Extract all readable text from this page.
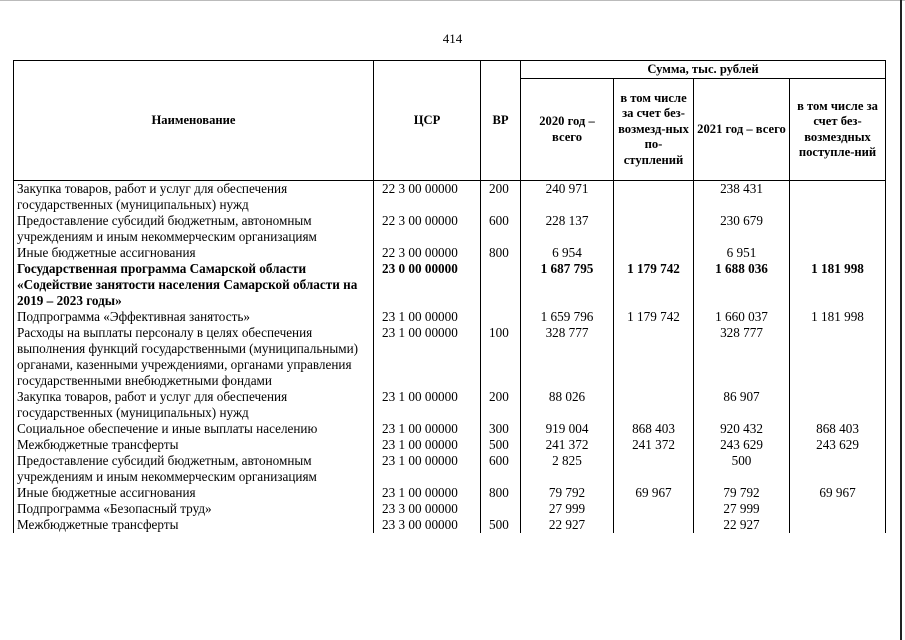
414
Наименование	ЦСР	ВР	Сумма, тыс. рублей			
			2020 год – всего	в том числе за счет без-возмезд-ных по-ступлений	2021 год – всего	в том числе за счет без-возмездных поступле-ний
Закупка товаров, работ и услуг для обеспечения государственных (муниципальных) нужд	22 3 00 00000	200	240 971		238 431	
Предоставление субсидий бюджетным, автономным учреждениям и иным некоммерческим организациям	22 3 00 00000	600	228 137		230 679	
Иные бюджетные ассигнования	22 3 00 00000	800	6 954		6 951	
Государственная программа Самарской области «Содействие занятости населения Самарской области на 2019 – 2023 годы»	23 0 00 00000		1 687 795	1 179 742	1 688 036	1 181 998
Подпрограмма «Эффективная занятость»	23 1 00 00000		1 659 796	1 179 742	1 660 037	1 181 998
Расходы на выплаты персоналу в целях обеспечения выполнения функций государственными (муниципальными) органами, казенными учреждениями, органами управления государственными внебюджетными фондами	23 1 00 00000	100	328 777		328 777	
Закупка товаров, работ и услуг для обеспечения государственных (муниципальных) нужд	23 1 00 00000	200	88 026		86 907	
Социальное обеспечение и иные выплаты населению	23 1 00 00000	300	919 004	868 403	920 432	868 403
Межбюджетные трансферты	23 1 00 00000	500	241 372	241 372	243 629	243 629
Предоставление субсидий бюджетным, автономным учреждениям и иным некоммерческим организациям	23 1 00 00000	600	2 825		500	
Иные бюджетные ассигнования	23 1 00 00000	800	79 792	69 967	79 792	69 967
Подпрограмма «Безопасный труд»	23 3 00 00000		27 999		27 999	
Межбюджетные трансферты	23 3 00 00000	500	22 927		22 927	
